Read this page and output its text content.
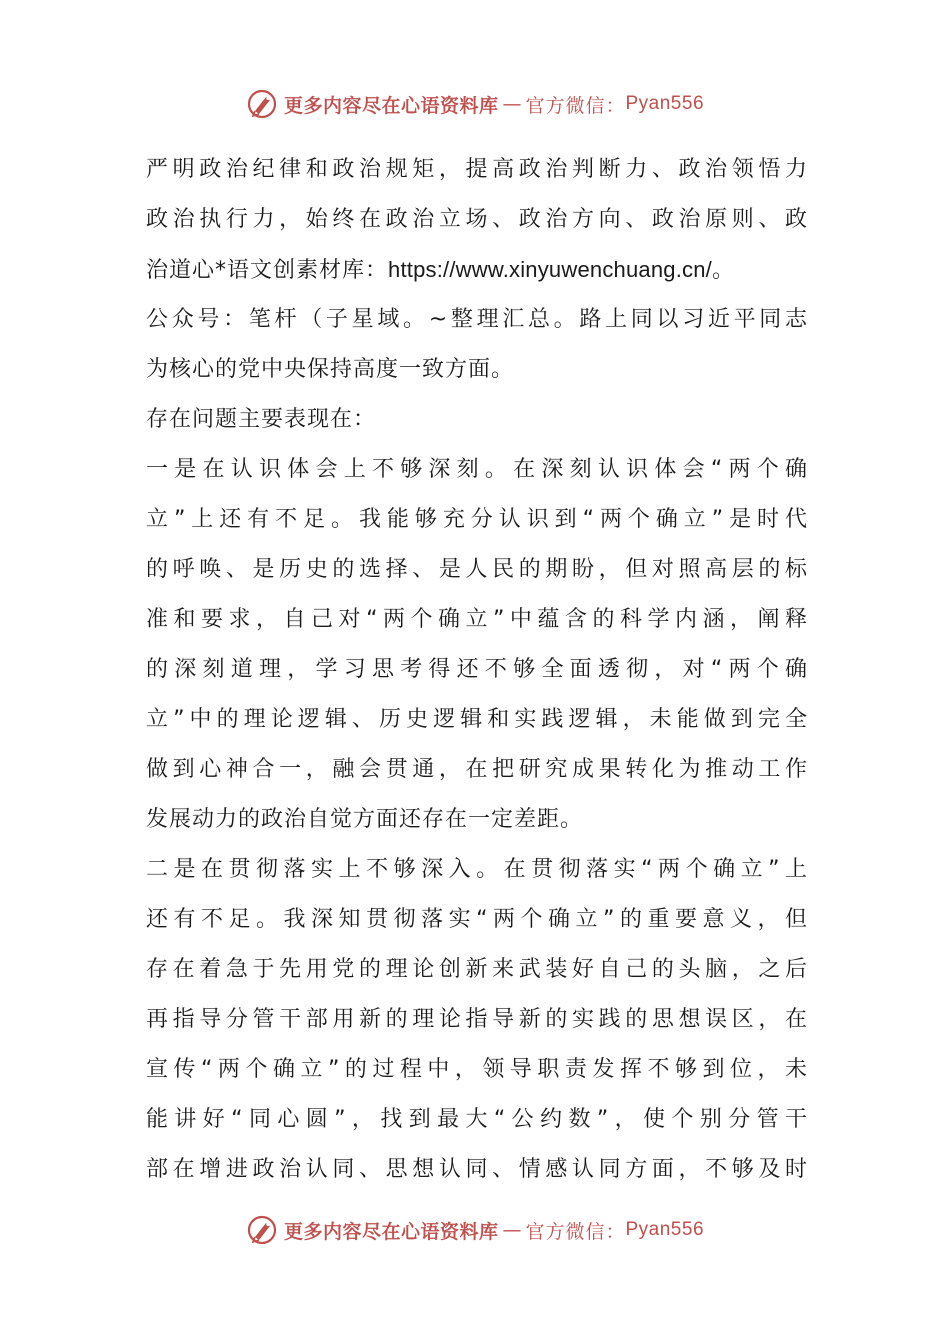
更多内容尽在心语资料库 — 官方微信： Pyan556
严明政治纪律和政治规矩，提高政治判断力、政治领悟力
政治执行力，始终在政治立场、政治方向、政治原则、政
治道心*语文创素材库：https://www.xinyuwenchuang.cn/。
公众号：笔杆（子星域。~整理汇总。路上同以习近平同志
为核心的党中央保持高度一致方面。
存在问题主要表现在：
一是在认识体会上不够深刻。在深刻认识体会“两个确
立”上还有不足。我能够充分认识到“两个确立”是时代
的呼唤、是历史的选择、是人民的期盼，但对照高层的标
准和要求，自己对“两个确立”中蕴含的科学内涵，阐释
的深刻道理，学习思考得还不够全面透彻，对“两个确
立”中的理论逻辑、历史逻辑和实践逻辑，未能做到完全
做到心神合一，融会贯通，在把研究成果转化为推动工作
发展动力的政治自觉方面还存在一定差距。
二是在贯彻落实上不够深入。在贯彻落实“两个确立”上
还有不足。我深知贯彻落实“两个确立”的重要意义，但
存在着急于先用党的理论创新来武装好自己的头脑，之后
再指导分管干部用新的理论指导新的实践的思想误区，在
宣传“两个确立”的过程中，领导职责发挥不够到位，未
能讲好“同心圆”，找到最大“公约数”，使个别分管干
部在增进政治认同、思想认同、情感认同方面，不够及时
更多内容尽在心语资料库 — 官方微信： Pyan556
